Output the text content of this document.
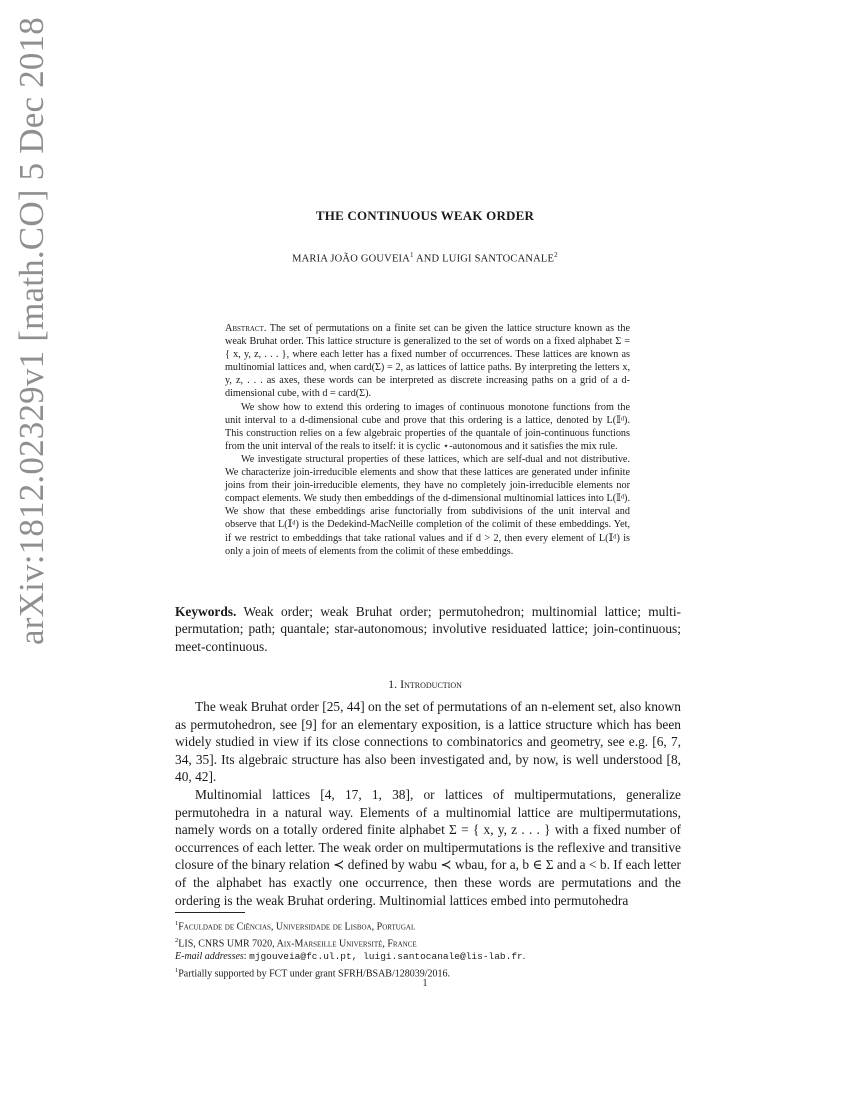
arXiv:1812.02329v1 [math.CO] 5 Dec 2018	THE CONTINUOUS WEAK ORDER
MARIA JOÃO GOUVEIA$^1$ AND LUIGI SANTOCANALE$^2$

Abstract. The set of permutations on a finite set can be given the lattice structure known as the weak Bruhat order. This lattice structure is generalized to the set of words on a fixed alphabet Σ = { x, y, z, . . . }, where each letter has a fixed number of occurrences. These lattices are known as multinomial lattices and, when card(Σ) = 2, as lattices of lattice paths. By interpreting the letters x, y, z, . . . as axes, these words can be interpreted as discrete increasing paths on a grid of a d-dimensional cube, with d = card(Σ).

We show how to extend this ordering to images of continuous monotone functions from the unit interval to a d-dimensional cube and prove that this ordering is a lattice, denoted by L(𝕀ᵈ). This construction relies on a few algebraic properties of the quantale of join-continuous functions from the unit interval of the reals to itself: it is cyclic ⋆-autonomous and it satisfies the mix rule.

We investigate structural properties of these lattices, which are self-dual and not distributive. We characterize join-irreducible elements and show that these lattices are generated under infinite joins from their join-irreducible elements, they have no completely join-irreducible elements nor compact elements. We study then embeddings of the d-dimensional multinomial lattices into L(𝕀ᵈ). We show that these embeddings arise functorially from subdivisions of the unit interval and observe that L(𝕀ᵈ) is the Dedekind-MacNeille completion of the colimit of these embeddings. Yet, if we restrict to embeddings that take rational values and if d > 2, then every element of L(𝕀ᵈ) is only a join of meets of elements from the colimit of these embeddings.

Keywords. Weak order; weak Bruhat order; permutohedron; multinomial lattice; multi-permutation; path; quantale; star-autonomous; involutive residuated lattice; join-continuous; meet-continuous.
1. Introduction

The weak Bruhat order [25, 44] on the set of permutations of an n-element set, also known as permutohedron, see [9] for an elementary exposition, is a lattice structure which has been widely studied in view if its close connections to combinatorics and geometry, see e.g. [6, 7, 34, 35]. Its algebraic structure has also been investigated and, by now, is well understood [8, 40, 42].

Multinomial lattices [4, 17, 1, 38], or lattices of multipermutations, generalize permutohedra in a natural way. Elements of a multinomial lattice are multipermutations, namely words on a totally ordered finite alphabet Σ = { x, y, z . . . } with a fixed number of occurrences of each letter. The weak order on multipermutations is the reflexive and transitive closure of the binary relation ≺ defined by wabu ≺ wbau, for a, b ∈ Σ and a < b. If each letter of the alphabet has exactly one occurrence, then these words are permutations and the ordering is the weak Bruhat ordering. Multinomial lattices embed into permutohedra

$^1$Faculdade de Ciências, Universidade de Lisboa, Portugal
$^2$LIS, CNRS UMR 7020, Aix-Marseille Université, France
E-mail addresses: mjgouveia@fc.ul.pt, luigi.santocanale@lis-lab.fr.
$^1$Partially supported by FCT under grant SFRH/BSAB/128039/2016.
1
